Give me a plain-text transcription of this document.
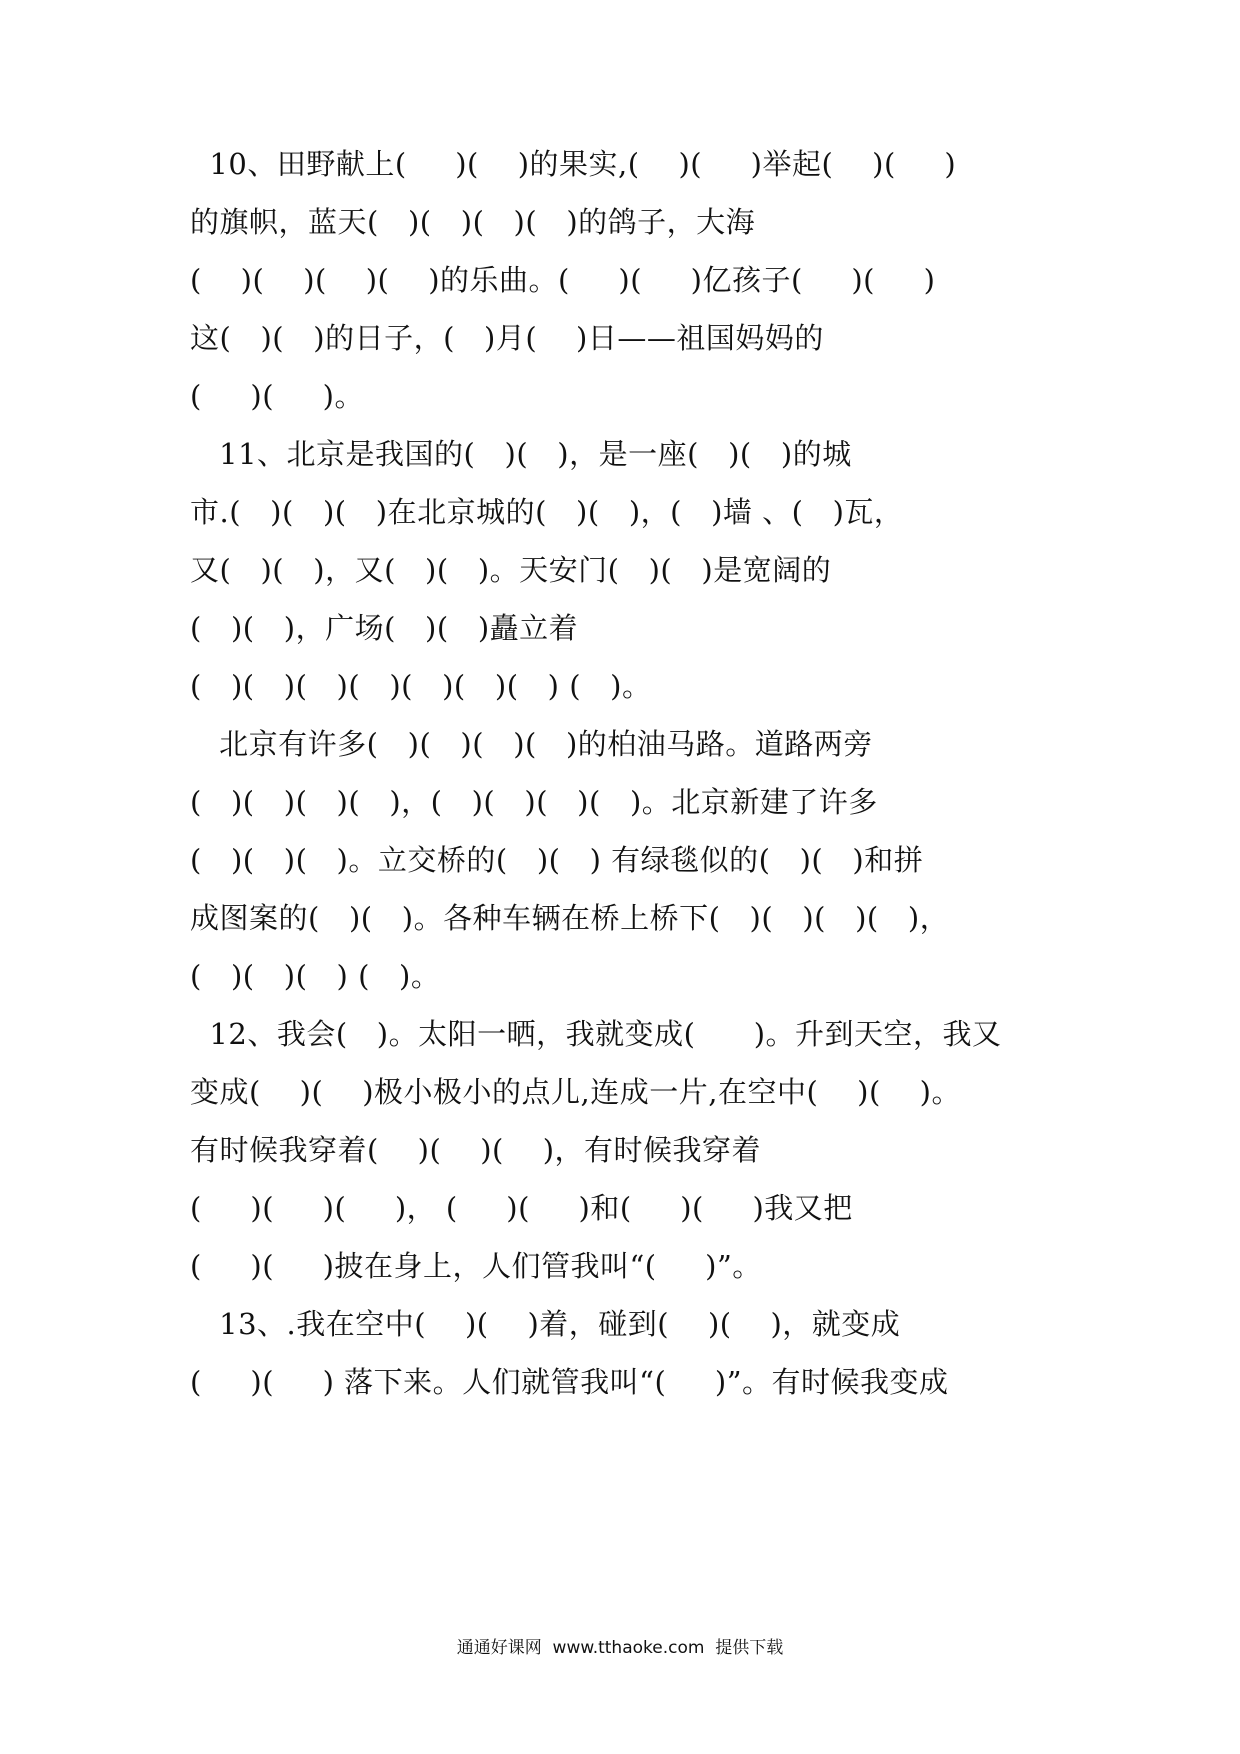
10、田野献上(     )(    )的果实,(    )(     )举起(    )(     )
的旗帜，蓝天(   )(   )(   )(   )的鸽子，大海
(    )(    )(    )(    )的乐曲。(     )(     )亿孩子(     )(     )
这(   )(   )的日子，(   )月(    )日——祖国妈妈的
(     )(     )。
11、北京是我国的(   )(   )，是一座(   )(   )的城
市.(   )(   )(   )在北京城的(   )(   )，(   )墙 、(   )瓦，
又(   )(   )，又(   )(   )。天安门(   )(   )是宽阔的
(   )(   )，广场(   )(   )矗立着
(   )(   )(   )(   )(   )(   )(   ) (   )。
北京有许多(   )(   )(   )(   )的柏油马路。道路两旁
(   )(   )(   )(   )，(   )(   )(   )(   )。北京新建了许多
(   )(   )(   )。立交桥的(   )(   ) 有绿毯似的(   )(   )和拼
成图案的(   )(   )。各种车辆在桥上桥下(   )(   )(   )(   )，
(   )(   )(   ) (   )。
12、我会(   )。太阳一晒，我就变成(      )。升到天空，我又
变成(    )(    )极小极小的点儿,连成一片,在空中(    )(    )。
有时候我穿着(    )(    )(    )，有时候我穿着
(     )(     )(     )， (     )(     )和(     )(     )我又把
(     )(     )披在身上，人们管我叫“(     )”。
13、.我在空中(    )(    )着，碰到(    )(    )，就变成
(     )(     ) 落下来。人们就管我叫“(     )”。有时候我变成
通通好课网  www.tthaoke.com  提供下载
